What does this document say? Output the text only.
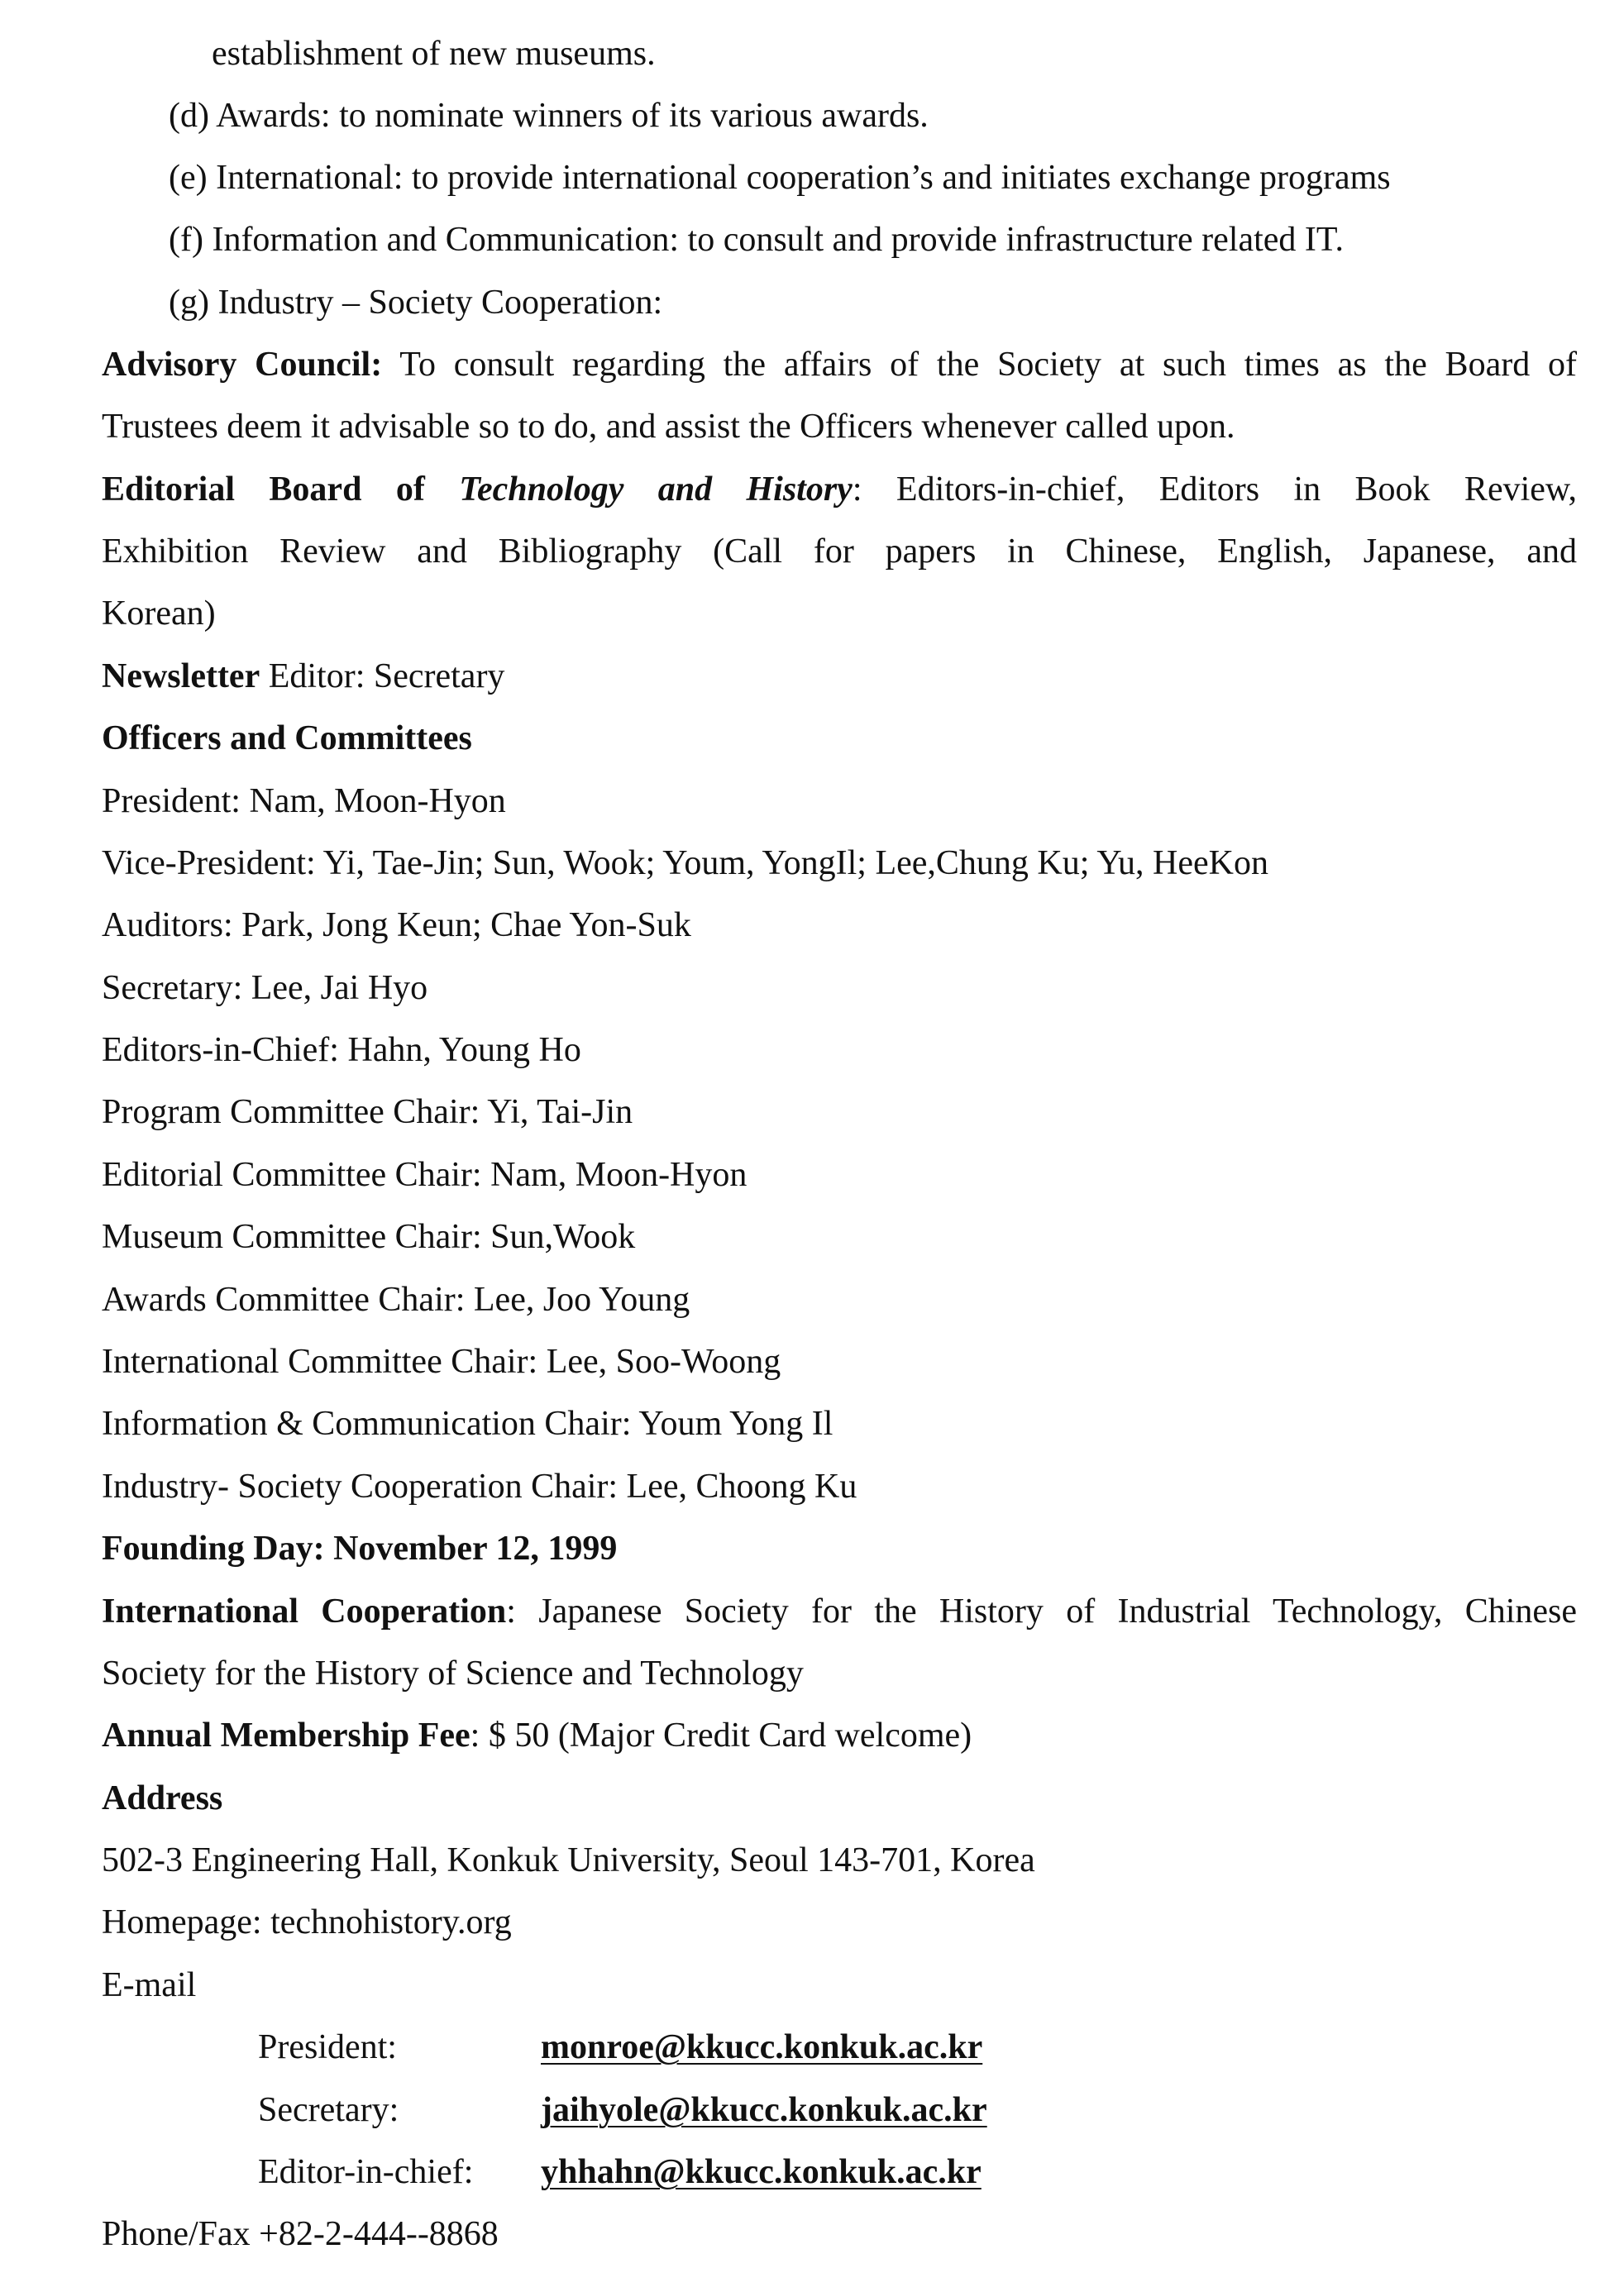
establishment of new museums.
(d) Awards: to nominate winners of its various awards.
(e) International: to provide international cooperation’s and initiates exchange programs
(f) Information and Communication: to consult and provide infrastructure related IT.
(g) Industry – Society Cooperation:
Advisory Council: To consult regarding the affairs of the Society at such times as the Board of
Trustees deem it advisable so to do, and assist the Officers whenever called upon.
Editorial Board of Technology and History: Editors-in-chief, Editors in Book Review,
Exhibition Review and Bibliography (Call for papers in Chinese, English, Japanese, and
Korean)
Newsletter Editor: Secretary
Officers and Committees
President: Nam, Moon-Hyon
Vice-President: Yi, Tae-Jin; Sun, Wook; Youm, YongIl; Lee,Chung Ku; Yu, HeeKon
Auditors: Park, Jong Keun; Chae Yon-Suk
Secretary: Lee, Jai Hyo
Editors-in-Chief: Hahn, Young Ho
Program Committee Chair: Yi, Tai-Jin
Editorial Committee Chair: Nam, Moon-Hyon
Museum Committee Chair: Sun,Wook
Awards Committee Chair: Lee, Joo Young
International Committee Chair: Lee, Soo-Woong
Information & Communication Chair: Youm Yong Il
Industry- Society Cooperation Chair: Lee, Choong Ku
Founding Day: November 12, 1999
International Cooperation: Japanese Society for the History of Industrial Technology, Chinese
Society for the History of Science and Technology
Annual Membership Fee: $ 50 (Major Credit Card welcome)
Address
502-3 Engineering Hall, Konkuk University, Seoul 143-701, Korea
Homepage: technohistory.org
E-mail
President:	monroe@kkucc.konkuk.ac.kr
Secretary:	jaihyole@kkucc.konkuk.ac.kr
Editor-in-chief: yhhahn@kkucc.konkuk.ac.kr
Phone/Fax +82-2-444--8868
